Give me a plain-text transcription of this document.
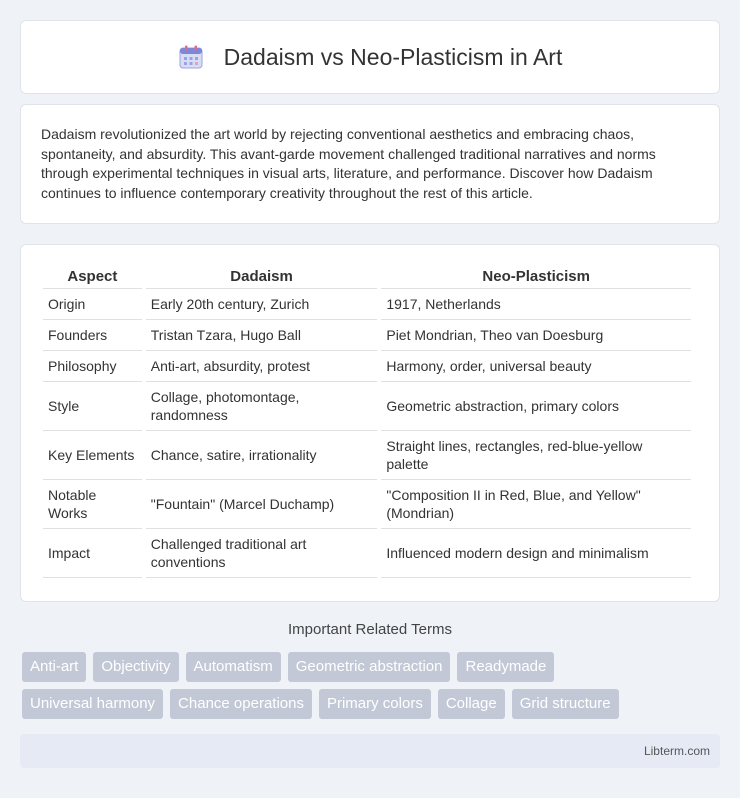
Dadaism vs Neo-Plasticism in Art

Dadaism revolutionized the art world by rejecting conventional aesthetics and embracing chaos, spontaneity, and absurdity. This avant-garde movement challenged traditional narratives and norms through experimental techniques in visual arts, literature, and performance. Discover how Dadaism continues to influence contemporary creativity throughout the rest of this article.

Aspect	Dadaism	Neo-Plasticism
Origin	Early 20th century, Zurich	1917, Netherlands
Founders	Tristan Tzara, Hugo Ball	Piet Mondrian, Theo van Doesburg
Philosophy	Anti-art, absurdity, protest	Harmony, order, universal beauty
Style	Collage, photomontage, randomness	Geometric abstraction, primary colors
Key Elements	Chance, satire, irrationality	Straight lines, rectangles, red-blue-yellow palette
Notable Works	"Fountain" (Marcel Duchamp)	"Composition II in Red, Blue, and Yellow" (Mondrian)
Impact	Challenged traditional art conventions	Influenced modern design and minimalism
Important Related Terms
Anti-art	Objectivity	Automatism	Geometric abstraction	Readymade
Universal harmony	Chance operations	Primary colors	Collage	Grid structure
Libterm.com
